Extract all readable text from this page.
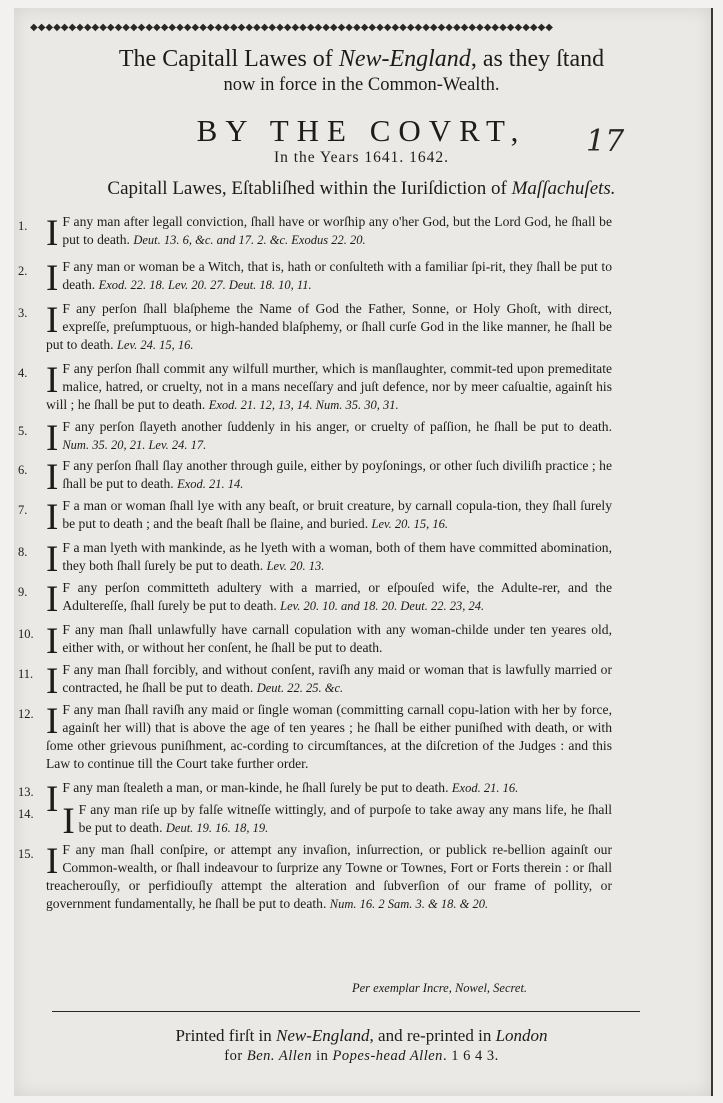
◆◆◆◆◆◆◆◆◆◆◆◆◆◆◆◆◆◆◆◆◆◆◆◆◆◆◆◆◆◆◆◆◆◆◆◆◆◆◆◆◆◆◆◆◆◆◆◆◆◆◆◆◆◆◆◆◆◆◆◆◆◆◆◆◆◆◆◆
The Capitall Lawes of New-England, as they ſtand
now in force in the Common-Wealth.
BY THE COVRT,
In the Years 1641. 1642.
Capitall Lawes, Eſtabliſhed within the Iuriſdiction of Maſſachuſets.
17
1. I F any man after legall conviction, ſhall have or worſhip any o'her God, but the Lord God, he ſhall be put to death. Deut. 13. 6, &c. and 17. 2. &c. Exodus 22. 20.
2. I F any man or woman be a Witch, that is, hath or conſulteth with a familiar ſpi-rit, they ſhall be put to death. Exod. 22. 18. Lev. 20. 27. Deut. 18. 10, 11.
3. I F any perſon ſhall blaſpheme the Name of God the Father, Sonne, or Holy Ghoſt, with direct, expreſſe, preſumptuous, or high-handed blaſphemy, or ſhall curſe God in the like manner, he ſhall be put to death. Lev. 24. 15, 16.
4. I F any perſon ſhall commit any wilfull murther, which is manſlaughter, commit-ted upon premeditate malice, hatred, or cruelty, not in a mans neceſſary and juſt defence, nor by meer caſualtie, againſt his will ; he ſhall be put to death. Exod. 21. 12, 13, 14. Num. 35. 30, 31.
5. I F any perſon ſlayeth another ſuddenly in his anger, or cruelty of paſſion, he ſhall be put to death. Num. 35. 20, 21. Lev. 24. 17.
6. I F any perſon ſhall ſlay another through guile, either by poyſonings, or other ſuch diviliſh practice ; he ſhall be put to death. Exod. 21. 14.
7. I F a man or woman ſhall lye with any beaſt, or bruit creature, by carnall copula-tion, they ſhall ſurely be put to death ; and the beaſt ſhall be ſlaine, and buried. Lev. 20. 15, 16.
8. I F a man lyeth with mankinde, as he lyeth with a woman, both of them have committed abomination, they both ſhall ſurely be put to death. Lev. 20. 13.
9. I F any perſon committeth adultery with a married, or eſpouſed wife, the Adulte-rer, and the Adultereſſe, ſhall ſurely be put to death. Lev. 20. 10. and 18. 20. Deut. 22. 23, 24.
10. I F any man ſhall unlawfully have carnall copulation with any woman-childe under ten yeares old, either with, or without her conſent, he ſhall be put to death.
11. I F any man ſhall forcibly, and without conſent, raviſh any maid or woman that is lawfully married or contracted, he ſhall be put to death. Deut. 22. 25. &c.
12. I F any man ſhall raviſh any maid or ſingle woman (committing carnall copu-lation with her by force, againſt her will) that is above the age of ten yeares ; he ſhall be either puniſhed with death, or with ſome other grievous puniſhment, ac-cording to circumſtances, at the diſcretion of the Judges : and this Law to continue till the Court take further order.
13. I F any man ſtealeth a man, or man-kinde, he ſhall ſurely be put to death. Exod. 21. 16.
14. I F any man riſe up by falſe witneſſe wittingly, and of purpoſe to take away any mans life, he ſhall be put to death. Deut. 19. 16. 18, 19.
15. I F any man ſhall conſpire, or attempt any invaſion, inſurrection, or publick re-bellion againſt our Common-wealth, or ſhall indeavour to ſurprize any Towne or Townes, Fort or Forts therein : or ſhall treacherouſly, or perfidiouſly attempt the alteration and ſubverſion of our frame of pollity, or government fundamentally, he ſhall be put to death. Num. 16. 2 Sam. 3. & 18. & 20.
Per exemplar Incre, Nowel, Secret.
Printed firſt in New-England, and re-printed in London
for Ben. Allen in Popes-head Allen. 1 6 4 3.
